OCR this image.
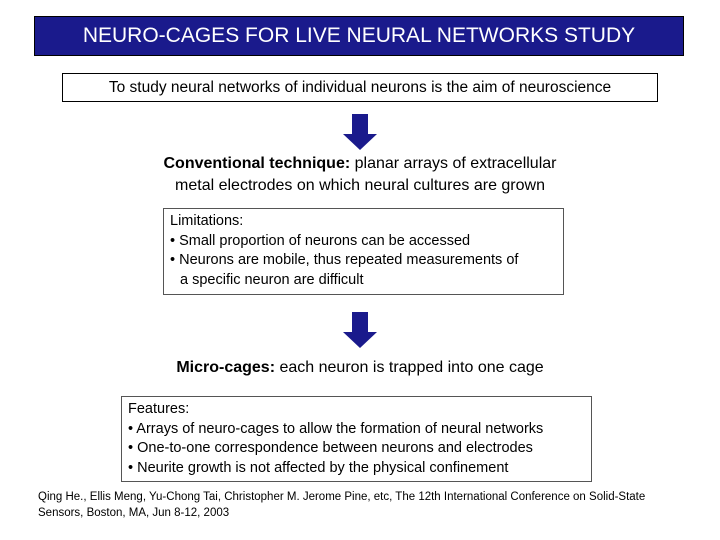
NEURO-CAGES FOR LIVE NEURAL NETWORKS STUDY
To study neural networks of individual neurons is the aim of neuroscience
Conventional technique: planar arrays of extracellular
metal electrodes on which neural cultures are grown
Limitations:
• Small proportion of neurons can be accessed
• Neurons are mobile, thus repeated measurements of
a specific neuron are difficult
Micro-cages: each neuron is trapped into one cage
Features:
• Arrays of neuro-cages to allow the formation of neural networks
• One-to-one correspondence between neurons and electrodes
• Neurite growth is not affected by the physical confinement
Qing He., Ellis Meng, Yu-Chong Tai, Christopher M. Jerome Pine, etc, The 12th International Conference on Solid-State
Sensors, Boston, MA, Jun 8-12, 2003
